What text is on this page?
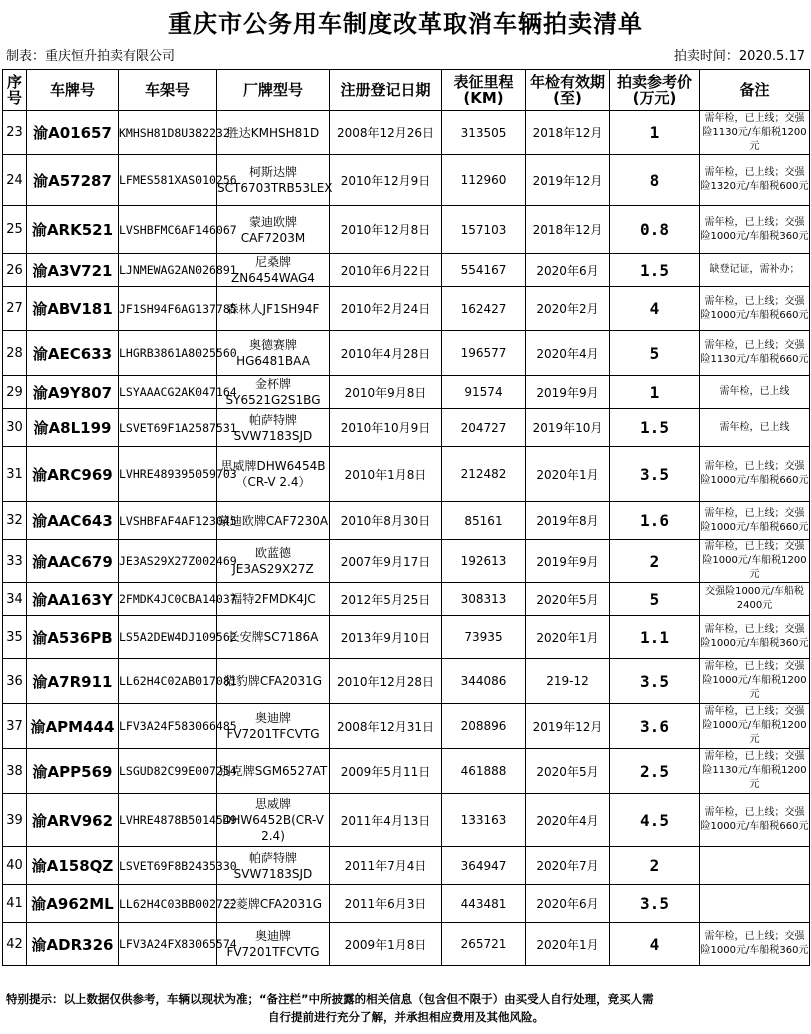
重庆市公务用车制度改革取消车辆拍卖清单
制表：重庆恒升拍卖有限公司	拍卖时间：2020.5.17
序号	车牌号	车架号	厂牌型号	注册登记日期	表征里程(KM)	年检有效期(至)	拍卖参考价(万元)	备注
23	渝A01657	KMHSH81D8U382232	胜达KMHSH81D	2008年12月26日	313505	2018年12月	1	需年检，已上线；交强险1130元/车船税1200元
24	渝A57287	LFMES581XAS010256	柯斯达牌SCT6703TRB53LEX	2010年12月9日	112960	2019年12月	8	需年检，已上线；交强险1320元/车船税600元
25	渝ARK521	LVSHBFMC6AF146067	蒙迪欧牌CAF7203M	2010年12月8日	157103	2018年12月	0.8	需年检，已上线；交强险1000元/车船税360元
26	渝A3V721	LJNMEWAG2AN026891	尼桑牌ZN6454WAG4	2010年6月22日	554167	2020年6月	1.5	缺登记证，需补办；
27	渝ABV181	JF1SH94F6AG137785	森林人JF1SH94F	2010年2月24日	162427	2020年2月	4	需年检，已上线；交强险1000元/车船税660元
28	渝AEC633	LHGRB3861A8025560	奥德赛牌HG6481BAA	2010年4月28日	196577	2020年4月	5	需年检，已上线；交强险1130元/车船税660元
29	渝A9Y807	LSYAAACG2AK047164	金杯牌SY6521G2S1BG	2010年9月8日	91574	2019年9月	1	需年检，已上线
30	渝A8L199	LSVET69F1A2587531	帕萨特牌SVW7183SJD	2010年10月9日	204727	2019年10月	1.5	需年检，已上线
31	渝ARC969	LVHRE489395059703	思威牌DHW6454B（CR-V 2.4）	2010年1月8日	212482	2020年1月	3.5	需年检，已上线；交强险1000元/车船税660元
32	渝AAC643	LVSHBFAF4AF123045	蒙迪欧牌CAF7230A	2010年8月30日	85161	2019年8月	1.6	需年检，已上线；交强险1000元/车船税660元
33	渝AAC679	JE3AS29X27Z002469	欧蓝德JE3AS29X27Z	2007年9月17日	192613	2019年9月	2	需年检，已上线；交强险1000元/车船税1200元
34	渝AA163Y	2FMDK4JC0CBA14037	福特2FMDK4JC	2012年5月25日	308313	2020年5月	5	交强险1000元/车船税2400元
35	渝A536PB	LS5A2DEW4DJ109562	长安牌SC7186A	2013年9月10日	73935	2020年1月	1.1	需年检，已上线；交强险1000元/车船税360元
36	渝A7R911	LL62H4C02AB017081	猎豹牌CFA2031G	2010年12月28日	344086	219-12	3.5	需年检，已上线；交强险1000元/车船税1200元
37	渝APM444	LFV3A24F583066485	奥迪牌FV7201TFCVTG	2008年12月31日	208896	2019年12月	3.6	需年检，已上线；交强险1000元/车船税1200元
38	渝APP569	LSGUD82C99E007254	别克牌SGM6527AT	2009年5月11日	461888	2020年5月	2.5	需年检，已上线；交强险1130元/车船税1200元
39	渝ARV962	LVHRE4878B5014549	思威牌DHW6452B(CR-V 2.4)	2011年4月13日	133163	2020年4月	4.5	需年检，已上线；交强险1000元/车船税660元
40	渝A158QZ	LSVET69F8B2435330	帕萨特牌SVW7183SJD	2011年7月4日	364947	2020年7月	2	
41	渝A962ML	LL62H4C03BB002722	三菱牌CFA2031G	2011年6月3日	443481	2020年6月	3.5	
42	渝ADR326	LFV3A24FX83065574	奥迪牌FV7201TFCVTG	2009年1月8日	265721	2020年1月	4	需年检，已上线；交强险1000元/车船税360元
特别提示：以上数据仅供参考，车辆以现状为准；“备注栏”中所披露的相关信息（包含但不限于）由买受人自行处理，竞买人需
自行提前进行充分了解，并承担相应费用及其他风险。
